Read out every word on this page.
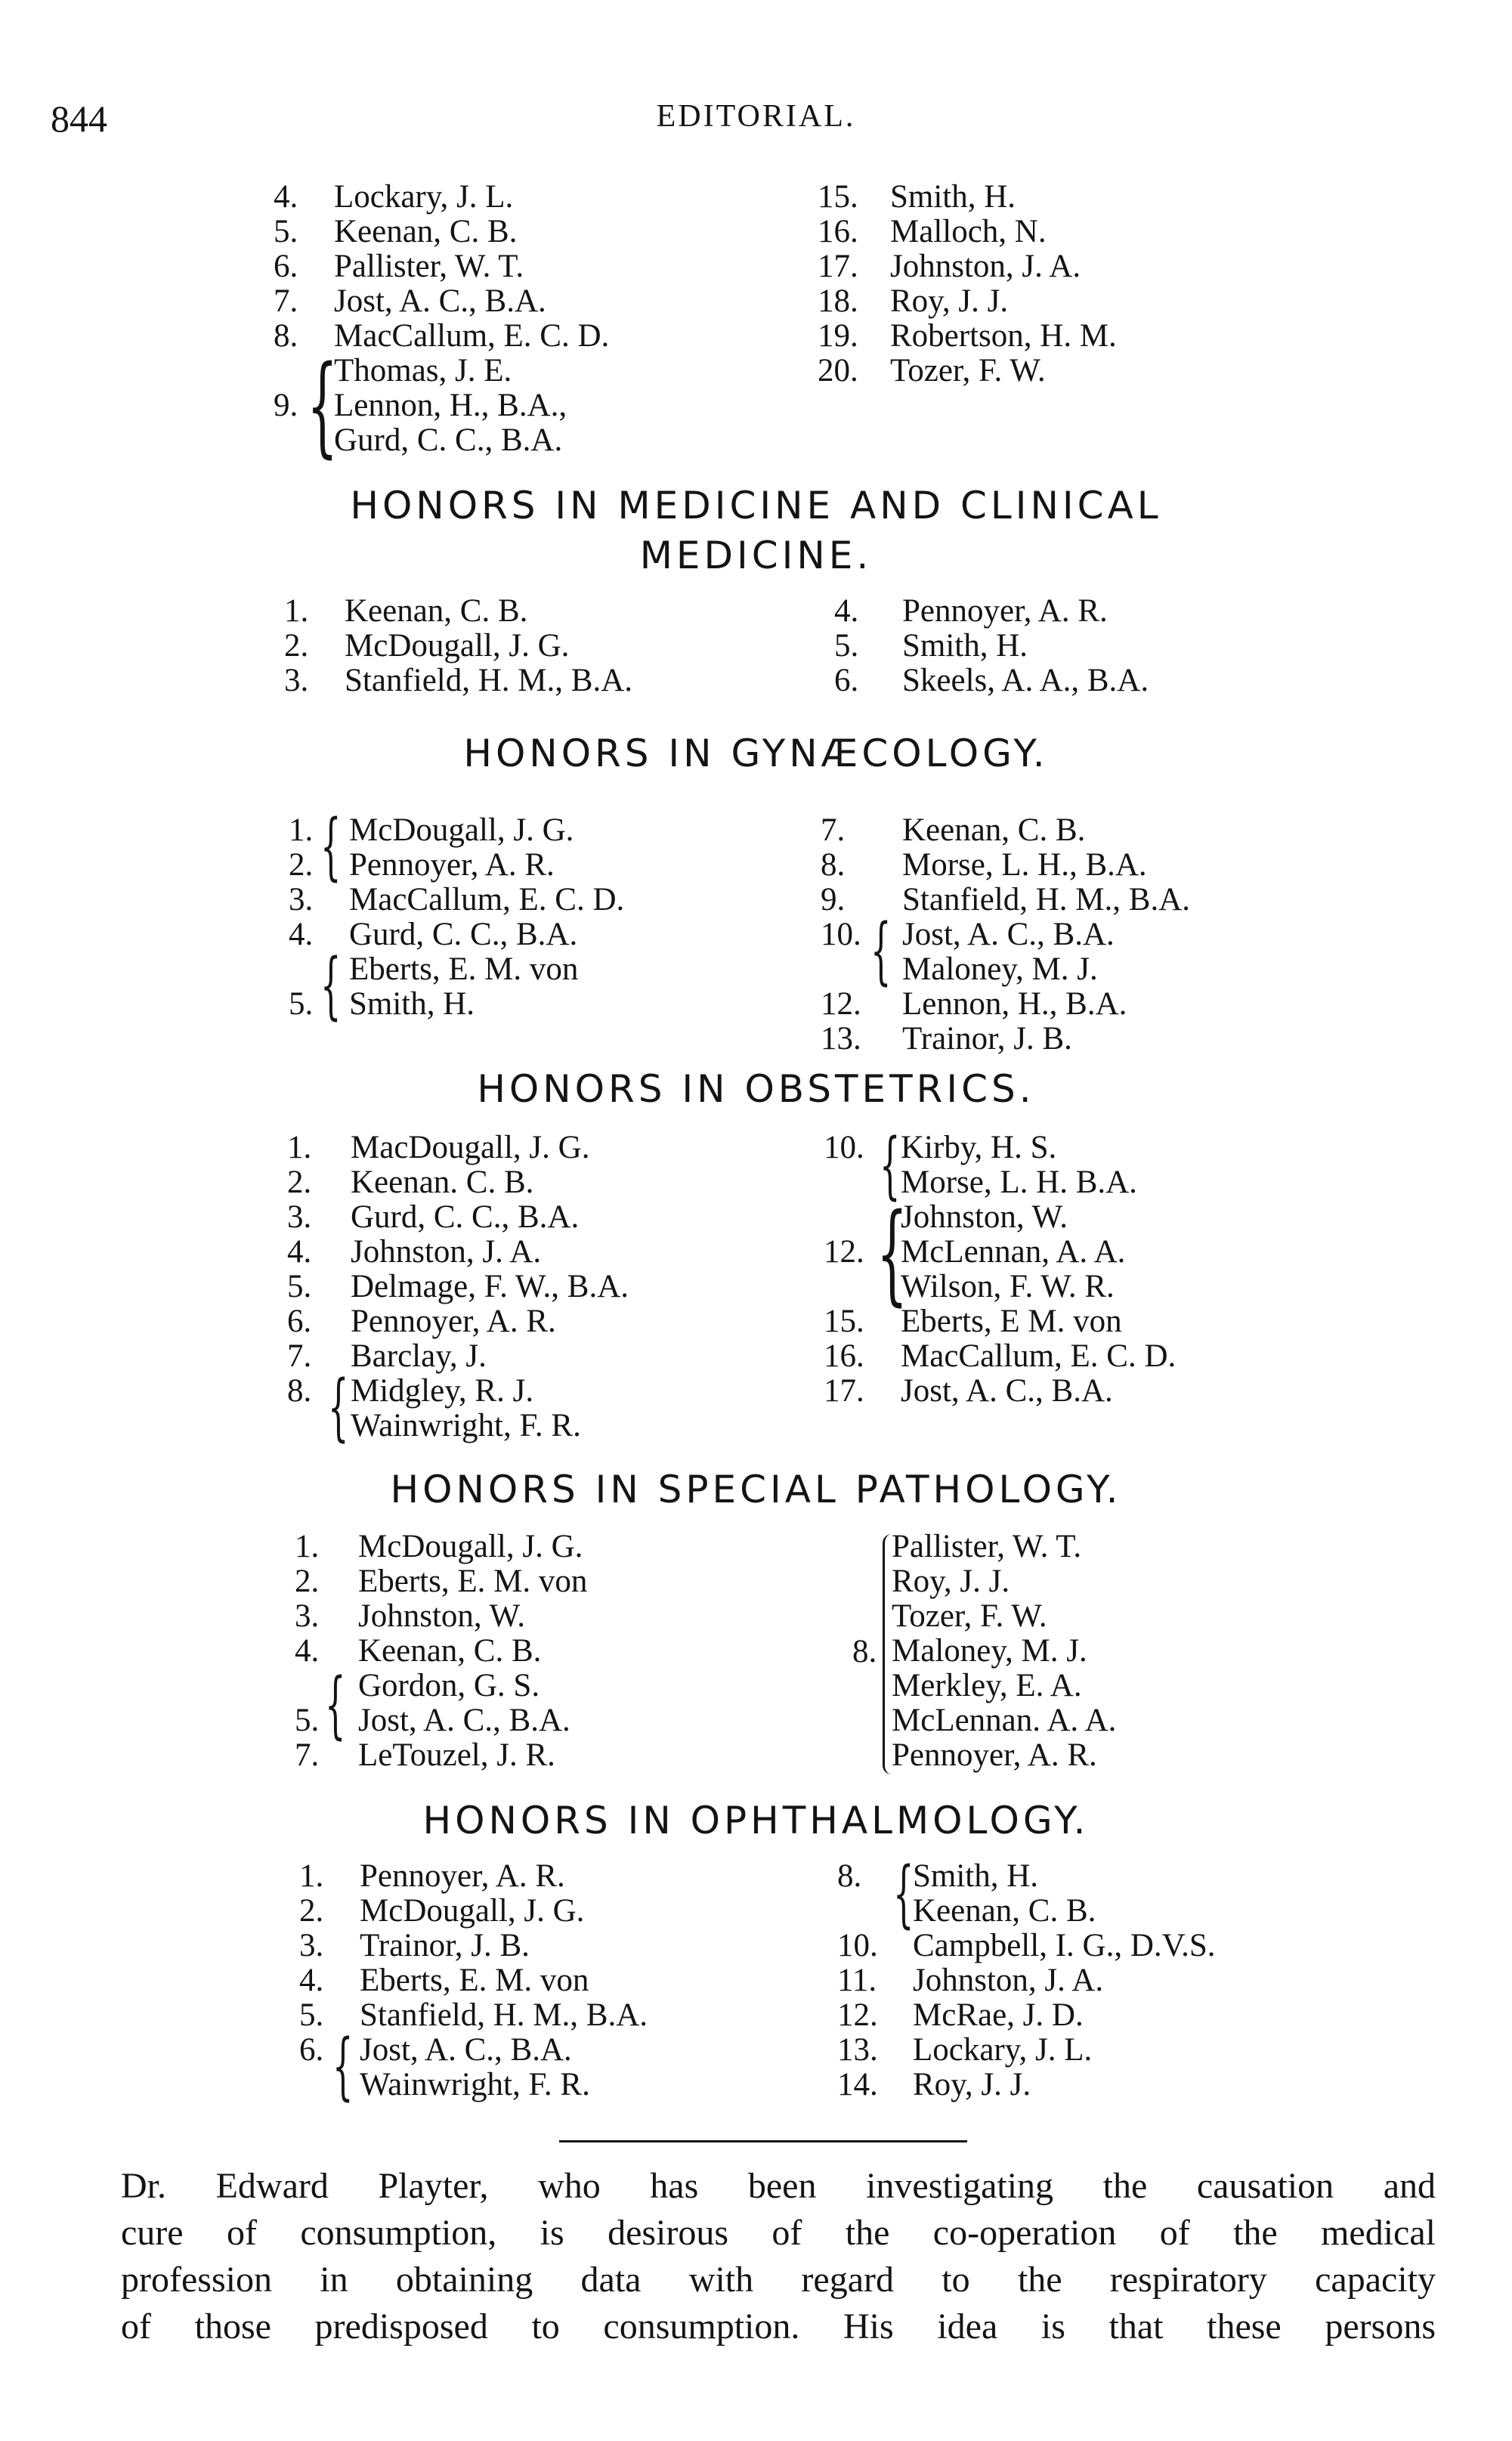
844	EDITORIAL.
4. Lockary, J. L.
5. Keenan, C. B.
6. Pallister, W. T.
7. Jost, A. C., B.A.
8. MacCallum, E. C. D.
Thomas, J. E.
9. Lennon, H., B.A.,
Gurd, C. C., B.A.
15. Smith, H.
16. Malloch, N.
17. Johnston, J. A.
18. Roy, J. J.
19. Robertson, H. M.
20. Tozer, F. W.
{
HONORS IN MEDICINE AND CLINICAL
MEDICINE.
1. Keenan, C. B.
2. McDougall, J. G.
3. Stanfield, H. M., B.A.
4. Pennoyer, A. R.
5. Smith, H.
6. Skeels, A. A., B.A.
HONORS IN GYNÆCOLOGY.
1. McDougall, J. G.
2. Pennoyer, A. R.
3. MacCallum, E. C. D.
4. Gurd, C. C., B.A.
Eberts, E. M. von
5. Smith, H.
7. Keenan, C. B.
8. Morse, L. H., B.A.
9. Stanfield, H. M., B.A.
10. Jost, A. C., B.A.
Maloney, M. J.
12. Lennon, H., B.A.
13. Trainor, J. B.
{
{	{
HONORS IN OBSTETRICS.
1. MacDougall, J. G.
2. Keenan. C. B.
3. Gurd, C. C., B.A.
4. Johnston, J. A.
5. Delmage, F. W., B.A.
6. Pennoyer, A. R.
7. Barclay, J.
8. Midgley, R. J.
Wainwright, F. R.
10. Kirby, H. S.
Morse, L. H. B.A.
Johnston, W.
12. McLennan, A. A.
Wilson, F. W. R.
15. Eberts, E M. von
16. MacCallum, E. C. D.
17. Jost, A. C., B.A.
{
{
{
HONORS IN SPECIAL PATHOLOGY.
1. McDougall, J. G.
2. Eberts, E. M. von
3. Johnston, W.
4. Keenan, C. B.
Gordon, G. S.
5. Jost, A. C., B.A.
7. LeTouzel, J. R.
8.
Pallister, W. T.
Roy, J. J.
Tozer, F. W.
Maloney, M. J.
Merkley, E. A.
McLennan. A. A.
Pennoyer, A. R.
{
HONORS IN OPHTHALMOLOGY.
1. Pennoyer, A. R.
2. McDougall, J. G.
3. Trainor, J. B.
4. Eberts, E. M. von
5. Stanfield, H. M., B.A.
6. Jost, A. C., B.A.
Wainwright, F. R.
8. Smith, H.
Keenan, C. B.
10. Campbell, I. G., D.V.S.
11. Johnston, J. A.
12. McRae, J. D.
13. Lockary, J. L.
14. Roy, J. J.
{
{
Dr. Edward Playter, who has been investigating the causation and
cure of consumption, is desirous of the co-operation of the medical
profession in obtaining data with regard to the respiratory capacity
of those predisposed to consumption. His idea is that these persons
